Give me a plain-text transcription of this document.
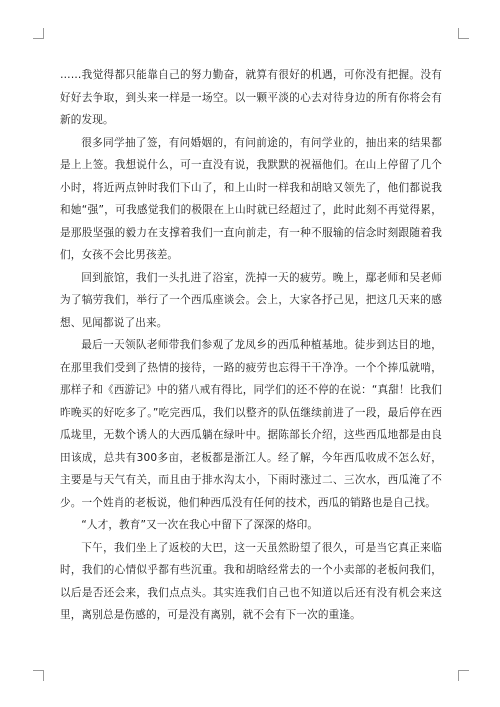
……我觉得都只能靠自己的努力勤奋，就算有很好的机遇，可你没有把握。没有好好去争取，到头来一样是一场空。以一颗平淡的心去对待身边的所有你将会有新的发现。

很多同学抽了签，有问婚姻的，有问前途的，有问学业的，抽出来的结果都是上上签。我想说什么，可一直没有说，我默默的祝福他们。在山上停留了几个小时，将近两点钟时我们下山了，和上山时一样我和胡晗又领先了，他们都说我和她“强”，可我感觉我们的极限在上山时就已经超过了，此时此刻不再觉得累，是那股坚强的毅力在支撑着我们一直向前走，有一种不服输的信念时刻跟随着我们，女孩不会比男孩差。

回到旅馆，我们一头扎进了浴室，洗掉一天的疲劳。晚上，鄢老师和吴老师为了犒劳我们，举行了一个西瓜座谈会。会上，大家各抒己见，把这几天来的感想、见闻都说了出来。

最后一天领队老师带我们参观了龙凤乡的西瓜种植基地。徒步到达目的地，在那里我们受到了热情的接待，一路的疲劳也忘得干干净净。一个个捧瓜就啃，那样子和《西游记》中的猪八戒有得比，同学们的还不停的在说：“真甜！比我们昨晚买的好吃多了。”吃完西瓜，我们以整齐的队伍继续前进了一段，最后停在西瓜垅里，无数个诱人的大西瓜躺在绿叶中。据陈部长介绍，这些西瓜地都是由良田该成，总共有300多亩，老板都是浙江人。经了解，今年西瓜收成不怎么好，主要是与天气有关，而且由于排水沟太小，下雨时涨过二、三次水，西瓜淹了不少。一个姓肖的老板说，他们种西瓜没有任何的技术，西瓜的销路也是自己找。

“人才，教育”又一次在我心中留下了深深的烙印。

下午，我们坐上了返校的大巴，这一天虽然盼望了很久，可是当它真正来临时，我们的心情似乎都有些沉重。我和胡晗经常去的一个小卖部的老板问我们，以后是否还会来，我们点点头。其实连我们自己也不知道以后还有没有机会来这里，离别总是伤感的，可是没有离别，就不会有下一次的重逢。
